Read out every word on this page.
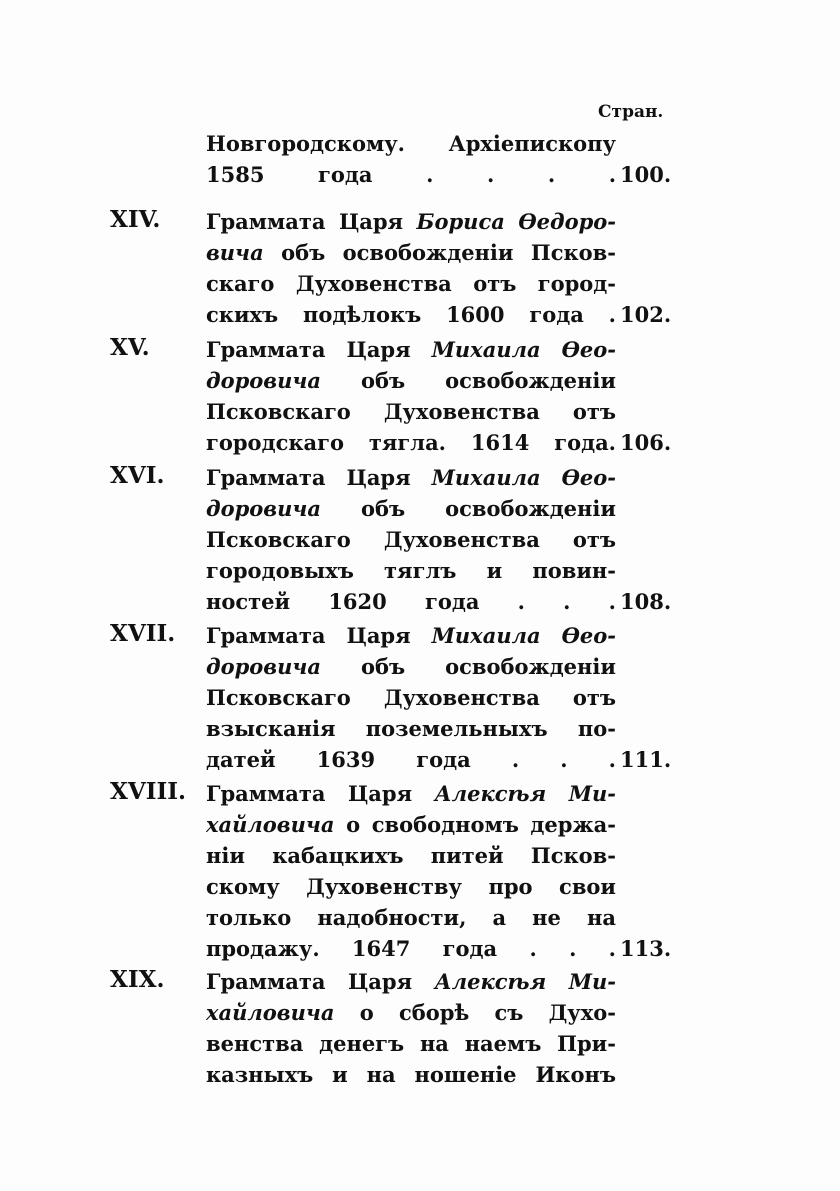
Стран.
Новгородскому. Архіепископу
1585	года	.	.	.	. 100.
XIV.	Граммата Царя Бориса Өедоро-
вича объ освобожденіи Псков-
скаго Духовенства отъ город-
скихъ подѣлокъ 1600 года . 102.
XV.	Граммата Царя Михаила Өео-
доровича объ освобожденіи
Псковскаго Духовенства отъ
городскаго тягла. 1614 года. 106.
XVI.	Граммата Царя Михаила Өео-
доровича объ освобожденіи
Псковскаго Духовенства отъ
городовыхъ тяглъ и повин-
ностей 1620 года . . . 108.
XVII.	Граммата Царя Михаила Өео-
доровича объ освобожденіи
Псковскаго Духовенства отъ
взысканія поземельныхъ по-
датей 1639 года . . . 111.
XVIII. Граммата Царя Алексѣя Ми-
хайловича о свободномъ держа-
ніи кабацкихъ питей Псков-
скому Духовенству про свои
только надобности, а не на
продажу. 1647 года . . . 113.
XIX.	Граммата Царя Алексѣя Ми-
хайловича о сборѣ съ Духо-
венства денегъ на наемъ При-
казныхъ и на ношеніе Иконъ
